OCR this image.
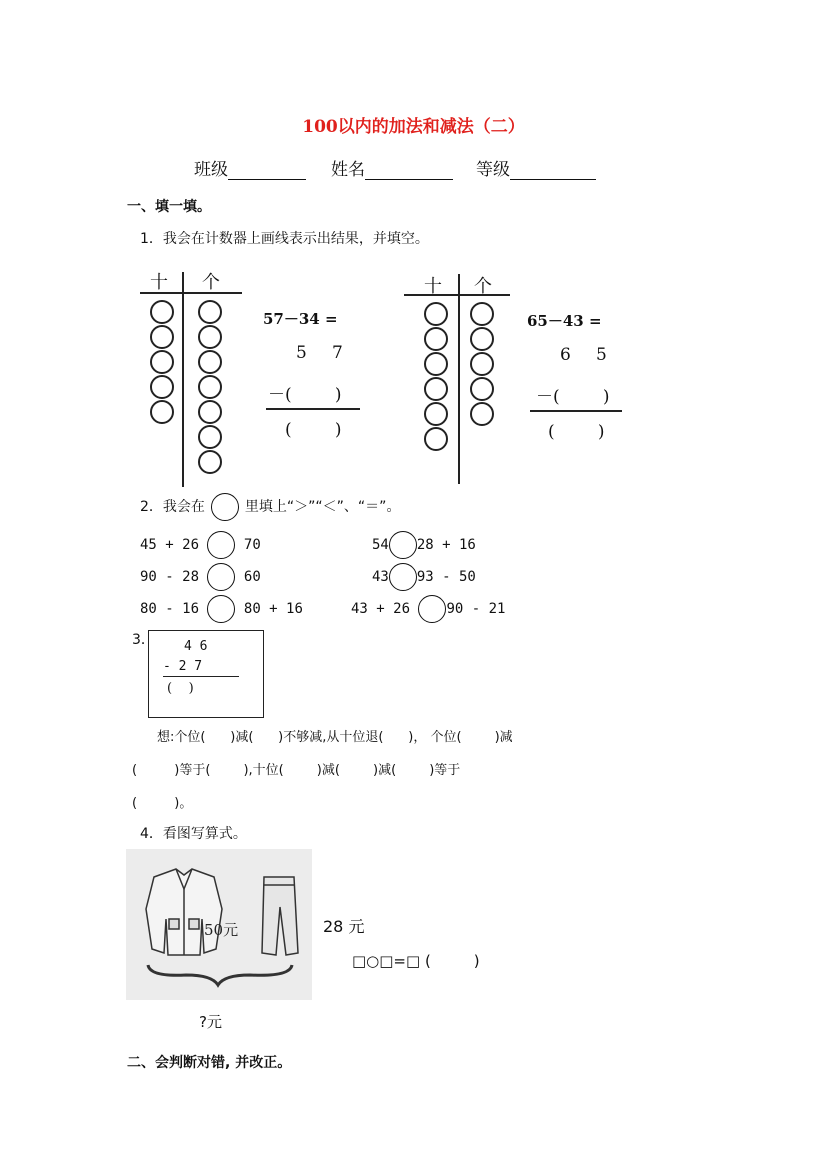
100以内的加法和减法（二）
班级	姓名	等级
一、填一填。
1．我会在计数器上画线表示出结果，并填空。
十 个
57－34 =
5 7
－(        )
(        )
十 个
65－43 =
6 5
－(        )
(        )
2．我会在	里填上“＞”“＜”、“＝”。
45 + 26	70	54 28 + 16
90 - 28	60	43 93 - 50
80 - 16	80 + 16	43 + 26	90 - 21
3． 4 6
- 2 7
(    )
想:个位(      )减(      )不够减,从十位退(      )， 个位(        )减
(         )等于(        ),十位(        )减(        )减(        )等于
(         )。
4．看图写算式。
50元	28 元
□○□=□ (         )
?元
二、会判断对错, 并改正。
